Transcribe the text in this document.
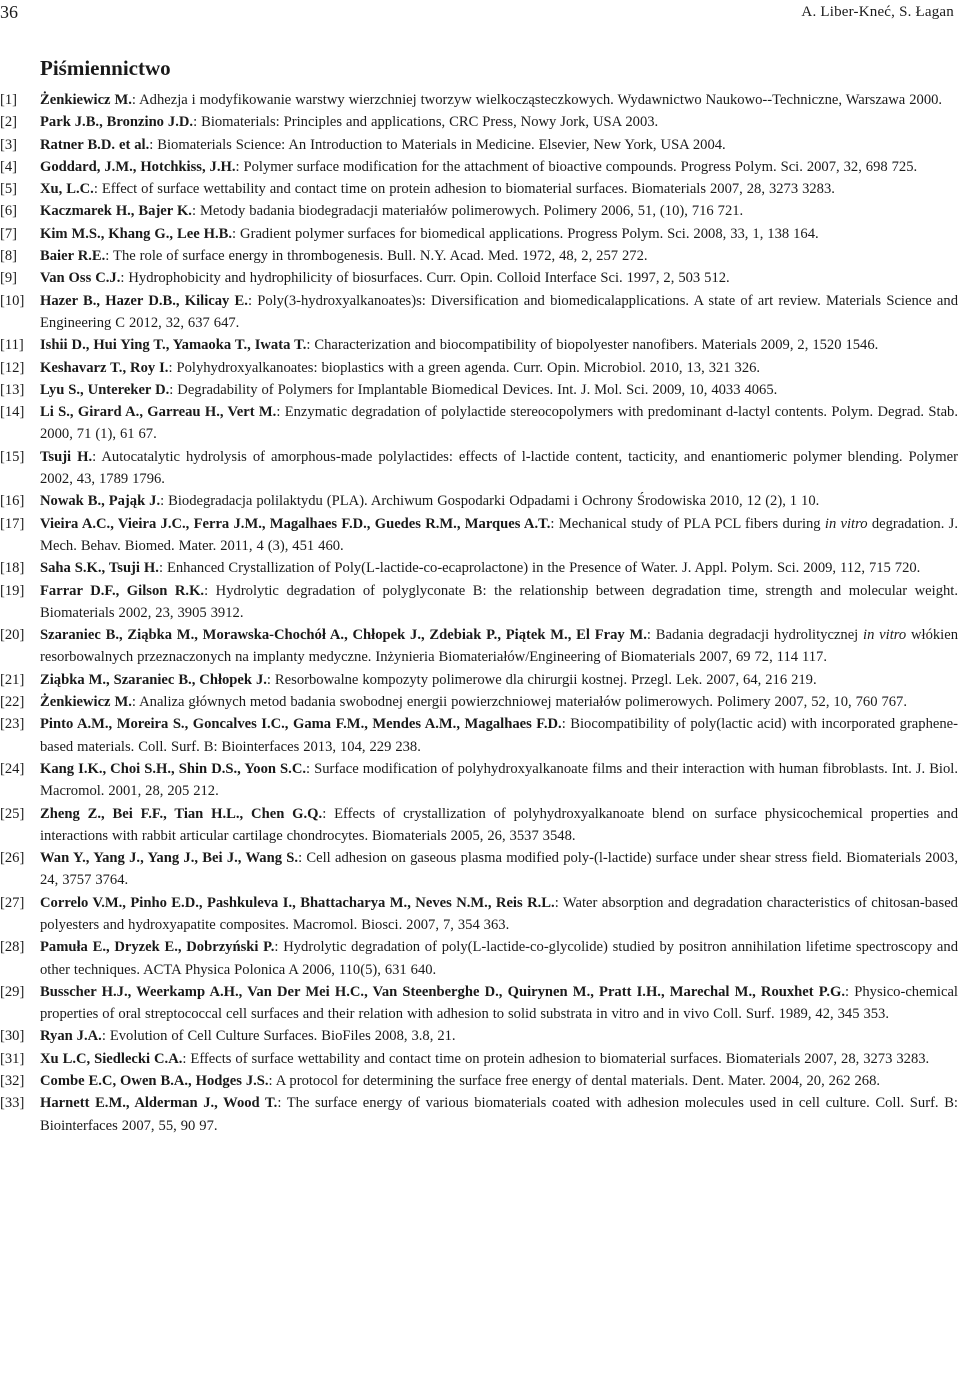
36	A. Liber-Kneć, S. Łagan
Piśmiennictwo
[1]	Żenkiewicz M.: Adhezja i modyfikowanie warstwy wierzchniej tworzyw wielkocząsteczkowych. Wydawnictwo Naukowo--Techniczne, Warszawa 2000.
[2]	Park J.B., Bronzino J.D.: Biomaterials: Principles and applications, CRC Press, Nowy Jork, USA 2003.
[3]	Ratner B.D. et al.: Biomaterials Science: An Introduction to Materials in Medicine. Elsevier, New York, USA 2004.
[4]	Goddard, J.M., Hotchkiss, J.H.: Polymer surface modification for the attachment of bioactive compounds. Progress Polym. Sci. 2007, 32, 698 725.
[5]	Xu, L.C.: Effect of surface wettability and contact time on protein adhesion to biomaterial surfaces. Biomaterials 2007, 28, 3273 3283.
[6]	Kaczmarek H., Bajer K.: Metody badania biodegradacji materiałów polimerowych. Polimery 2006, 51, (10), 716 721.
[7]	Kim M.S., Khang G., Lee H.B.: Gradient polymer surfaces for biomedical applications. Progress Polym. Sci. 2008, 33, 1, 138 164.
[8]	Baier R.E.: The role of surface energy in thrombogenesis. Bull. N.Y. Acad. Med. 1972, 48, 2, 257 272.
[9]	Van Oss C.J.: Hydrophobicity and hydrophilicity of biosurfaces. Curr. Opin. Colloid Interface Sci. 1997, 2, 503 512.
[10]	Hazer B., Hazer D.B., Kilicay E.: Poly(3-hydroxyalkanoates)s: Diversification and biomedicalapplications. A state of art review. Materials Science and Engineering C 2012, 32, 637 647.
[11]	Ishii D., Hui Ying T., Yamaoka T., Iwata T.: Characterization and biocompatibility of biopolyester nanofibers. Materials 2009, 2, 1520 1546.
[12]	Keshavarz T., Roy I.: Polyhydroxyalkanoates: bioplastics with a green agenda. Curr. Opin. Microbiol. 2010, 13, 321 326.
[13]	Lyu S., Untereker D.: Degradability of Polymers for Implantable Biomedical Devices. Int. J. Mol. Sci. 2009, 10, 4033 4065.
[14]	Li S., Girard A., Garreau H., Vert M.: Enzymatic degradation of polylactide stereocopolymers with predominant d-lactyl contents. Polym. Degrad. Stab. 2000, 71 (1), 61 67.
[15]	Tsuji H.: Autocatalytic hydrolysis of amorphous-made polylactides: effects of l-lactide content, tacticity, and enantiomeric polymer blending. Polymer 2002, 43, 1789 1796.
[16]	Nowak B., Pająk J.: Biodegradacja polilaktydu (PLA). Archiwum Gospodarki Odpadami i Ochrony Środowiska 2010, 12 (2), 1 10.
[17]	Vieira A.C., Vieira J.C., Ferra J.M., Magalhaes F.D., Guedes R.M., Marques A.T.: Mechanical study of PLA PCL fibers during in vitro degradation. J. Mech. Behav. Biomed. Mater. 2011, 4 (3), 451 460.
[18]	Saha S.K., Tsuji H.: Enhanced Crystallization of Poly(L-lactide-co-ecaprolactone) in the Presence of Water. J. Appl. Polym. Sci. 2009, 112, 715 720.
[19]	Farrar D.F., Gilson R.K.: Hydrolytic degradation of polyglyconate B: the relationship between degradation time, strength and molecular weight. Biomaterials 2002, 23, 3905 3912.
[20]	Szaraniec B., Ziąbka M., Morawska-Chochół A., Chłopek J., Zdebiak P., Piątek M., El Fray M.: Badania degradacji hydrolitycznej in vitro włókien resorbowalnych przeznaczonych na implanty medyczne. Inżynieria Biomateriałów/Engineering of Biomaterials 2007, 69 72, 114 117.
[21]	Ziąbka M., Szaraniec B., Chłopek J.: Resorbowalne kompozyty polimerowe dla chirurgii kostnej. Przegl. Lek. 2007, 64, 216 219.
[22]	Żenkiewicz M.: Analiza głównych metod badania swobodnej energii powierzchniowej materiałów polimerowych. Polimery 2007, 52, 10, 760 767.
[23]	Pinto A.M., Moreira S., Goncalves I.C., Gama F.M., Mendes A.M., Magalhaes F.D.: Biocompatibility of poly(lactic acid) with incorporated graphene-based materials. Coll. Surf. B: Biointerfaces 2013, 104, 229 238.
[24]	Kang I.K., Choi S.H., Shin D.S., Yoon S.C.: Surface modification of polyhydroxyalkanoate films and their interaction with human fibroblasts. Int. J. Biol. Macromol. 2001, 28, 205 212.
[25]	Zheng Z., Bei F.F., Tian H.L., Chen G.Q.: Effects of crystallization of polyhydroxyalkanoate blend on surface physicochemical properties and interactions with rabbit articular cartilage chondrocytes. Biomaterials 2005, 26, 3537 3548.
[26]	Wan Y., Yang J., Yang J., Bei J., Wang S.: Cell adhesion on gaseous plasma modified poly-(l-lactide) surface under shear stress field. Biomaterials 2003, 24, 3757 3764.
[27]	Correlo V.M., Pinho E.D., Pashkuleva I., Bhattacharya M., Neves N.M., Reis R.L.: Water absorption and degradation characteristics of chitosan-based polyesters and hydroxyapatite composites. Macromol. Biosci. 2007, 7, 354 363.
[28]	Pamuła E., Dryzek E., Dobrzyński P.: Hydrolytic degradation of poly(L-lactide-co-glycolide) studied by positron annihilation lifetime spectroscopy and other techniques. ACTA Physica Polonica A 2006, 110(5), 631 640.
[29]	Busscher H.J., Weerkamp A.H., Van Der Mei H.C., Van Steenberghe D., Quirynen M., Pratt I.H., Marechal M., Rouxhet P.G.: Physico-chemical properties of oral streptococcal cell surfaces and their relation with adhesion to solid substrata in vitro and in vivo Coll. Surf. 1989, 42, 345 353.
[30]	Ryan J.A.: Evolution of Cell Culture Surfaces. BioFiles 2008, 3.8, 21.
[31]	Xu L.C, Siedlecki C.A.: Effects of surface wettability and contact time on protein adhesion to biomaterial surfaces. Biomaterials 2007, 28, 3273 3283.
[32]	Combe E.C, Owen B.A., Hodges J.S.: A protocol for determining the surface free energy of dental materials. Dent. Mater. 2004, 20, 262 268.
[33]	Harnett E.M., Alderman J., Wood T.: The surface energy of various biomaterials coated with adhesion molecules used in cell culture. Coll. Surf. B: Biointerfaces 2007, 55, 90 97.
